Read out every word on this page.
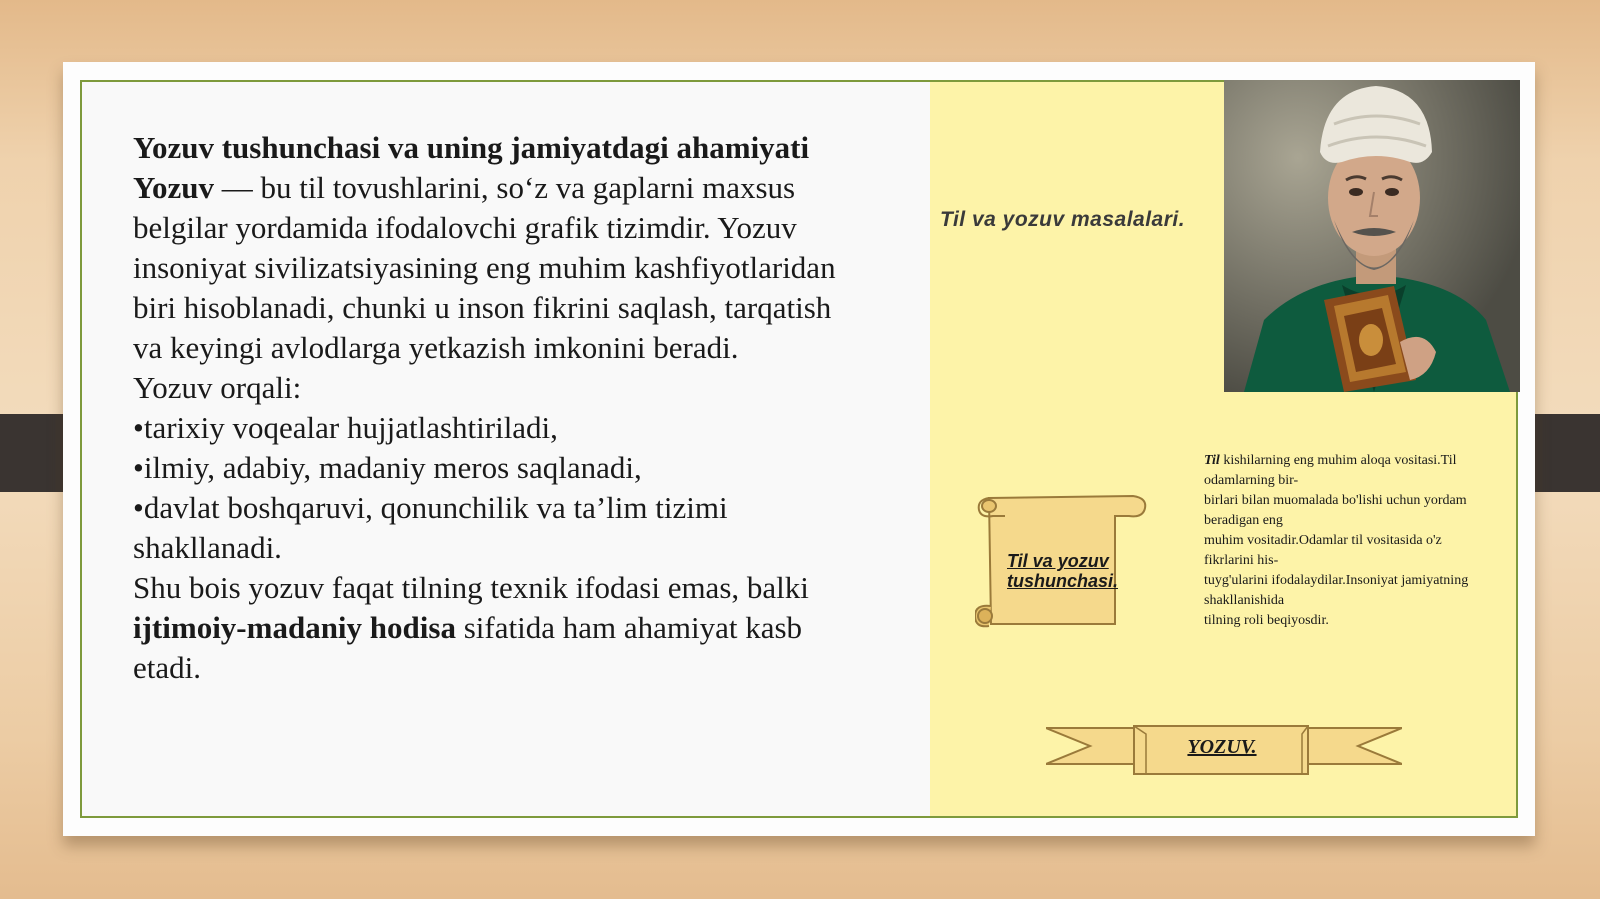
Yozuv tushunchasi va uning jamiyatdagi ahamiyati

Yozuv — bu til tovushlarini, so‘z va gaplarni maxsus belgilar yordamida ifodalovchi grafik tizimdir. Yozuv insoniyat sivilizatsiyasining eng muhim kashfiyotlaridan biri hisoblanadi, chunki u inson fikrini saqlash, tarqatish va keyingi avlodlarga yetkazish imkonini beradi.

Yozuv orqali:

•tarixiy voqealar hujjatlashtiriladi,

•ilmiy, adabiy, madaniy meros saqlanadi,

•davlat boshqaruvi, qonunchilik va ta’lim tizimi shakllanadi.

Shu bois yozuv faqat tilning texnik ifodasi emas, balki ijtimoiy-madaniy hodisa sifatida ham ahamiyat kasb etadi.

Til va yozuv masalalari.
Til va yozuv tushunchasi.

Til kishilarning eng muhim aloqa vositasi.Til odamlarning bir-

birlari bilan muomalada bo'lishi uchun yordam beradigan eng

muhim vositadir.Odamlar til vositasida o'z fikrlarini his-

tuyg'ularini ifodalaydilar.Insoniyat jamiyatning shakllanishida

tilning roli beqiyosdir.

YOZUV.
